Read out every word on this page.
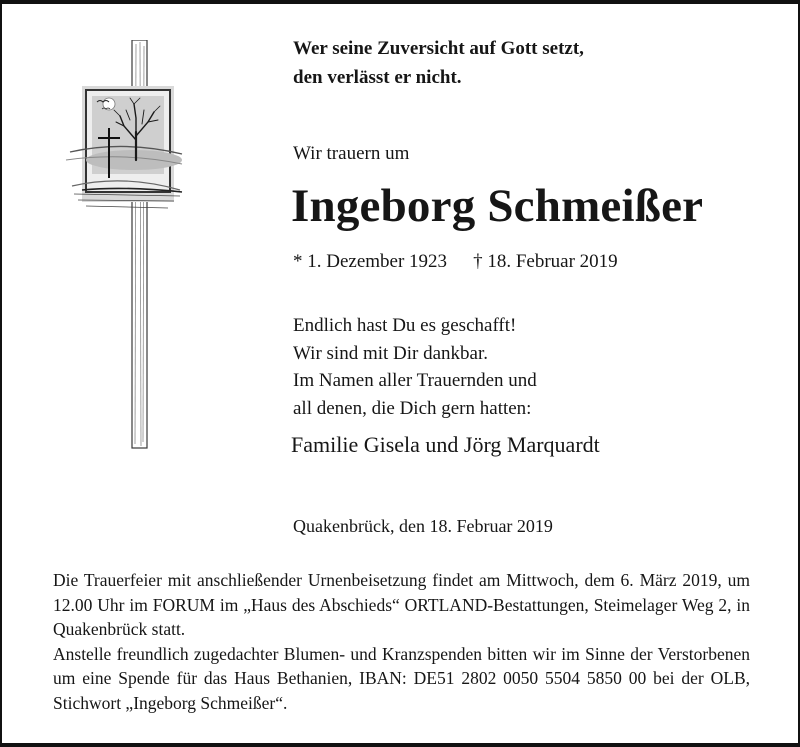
Wer seine Zuversicht auf Gott setzt,
den verlässt er nicht.
Wir trauern um
Ingeborg Schmeißer
* 1. Dezember 1923 † 18. Februar 2019
Endlich hast Du es geschafft!
Wir sind mit Dir dankbar.
Im Namen aller Trauernden und
all denen, die Dich gern hatten:
Familie Gisela und Jörg Marquardt
Quakenbrück, den 18. Februar 2019

Die Trauerfeier mit anschließender Urnenbeisetzung findet am Mittwoch, dem 6. März 2019, um 12.00 Uhr im FORUM im „Haus des Abschieds“ ORTLAND-Bestattungen, Steimelager Weg 2, in Quakenbrück statt.

Anstelle freundlich zugedachter Blumen- und Kranzspenden bitten wir im Sinne der Verstorbenen um eine Spende für das Haus Bethanien, IBAN: DE51 2802 0050 5504 5850 00 bei der OLB, Stichwort „Ingeborg Schmeißer“.
